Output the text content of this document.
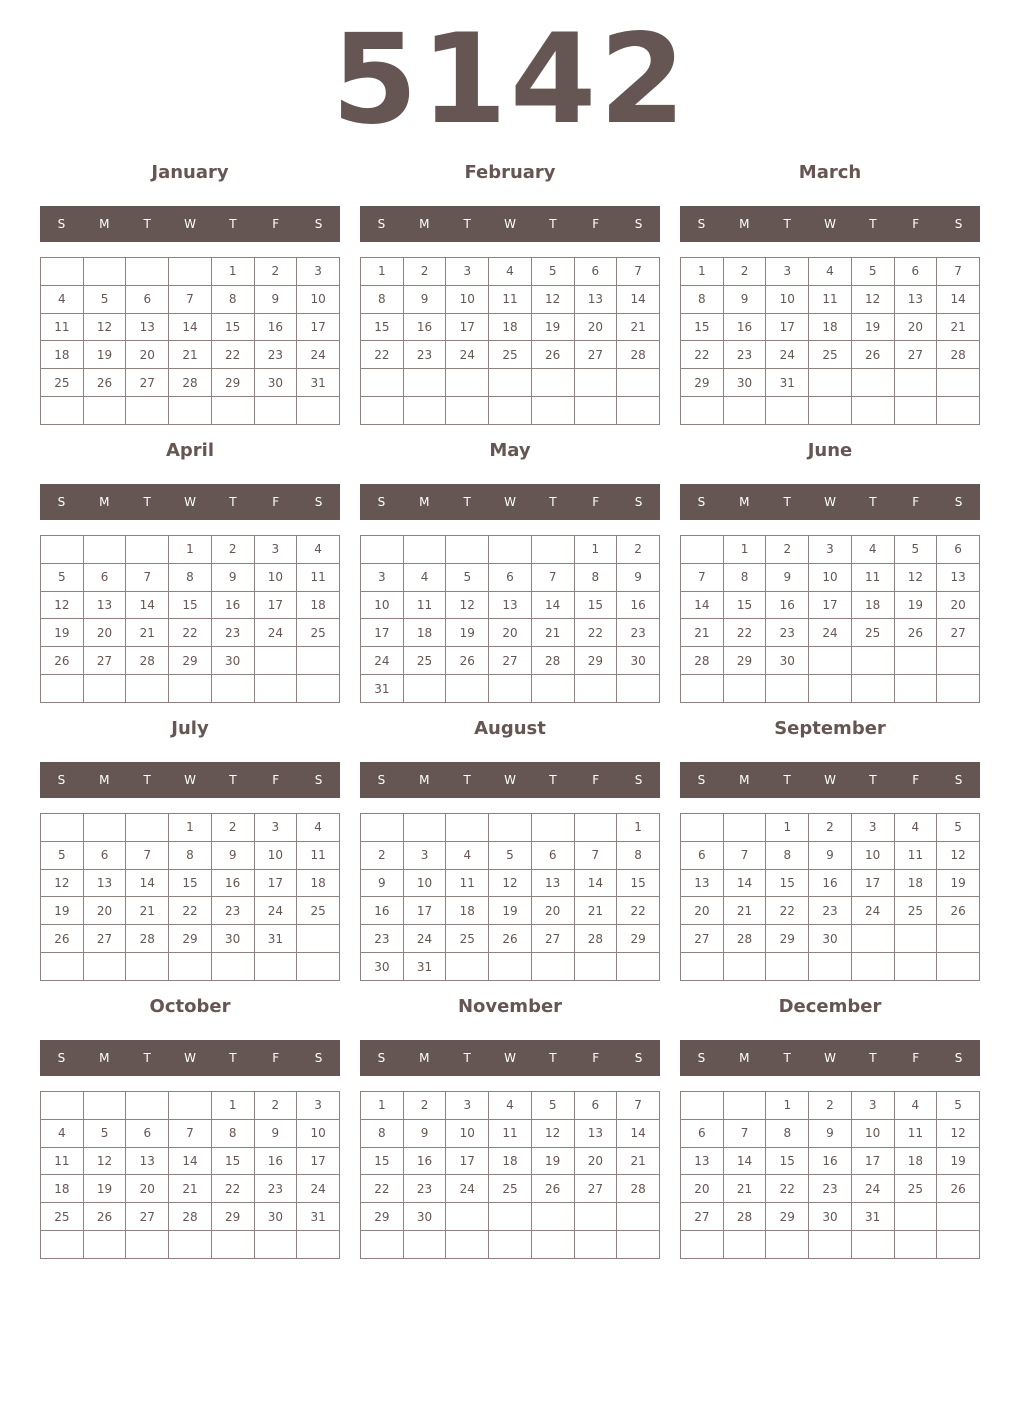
5142
January
S	M	T	W	T	F	S
				1	2	3
4	5	6	7	8	9	10
11	12	13	14	15	16	17
18	19	20	21	22	23	24
25	26	27	28	29	30	31

February
S	M	T	W	T	F	S
1	2	3	4	5	6	7
8	9	10	11	12	13	14
15	16	17	18	19	20	21
22	23	24	25	26	27	28

March
S	M	T	W	T	F	S
1	2	3	4	5	6	7
8	9	10	11	12	13	14
15	16	17	18	19	20	21
22	23	24	25	26	27	28
29	30	31				

April
S	M	T	W	T	F	S
			1	2	3	4
5	6	7	8	9	10	11
12	13	14	15	16	17	18
19	20	21	22	23	24	25
26	27	28	29	30		

May
S	M	T	W	T	F	S
					1	2
3	4	5	6	7	8	9
10	11	12	13	14	15	16
17	18	19	20	21	22	23
24	25	26	27	28	29	30
31						
June
S	M	T	W	T	F	S
	1	2	3	4	5	6
7	8	9	10	11	12	13
14	15	16	17	18	19	20
21	22	23	24	25	26	27
28	29	30				

July
S	M	T	W	T	F	S
			1	2	3	4
5	6	7	8	9	10	11
12	13	14	15	16	17	18
19	20	21	22	23	24	25
26	27	28	29	30	31	

August
S	M	T	W	T	F	S
						1
2	3	4	5	6	7	8
9	10	11	12	13	14	15
16	17	18	19	20	21	22
23	24	25	26	27	28	29
30	31					
September
S	M	T	W	T	F	S
		1	2	3	4	5
6	7	8	9	10	11	12
13	14	15	16	17	18	19
20	21	22	23	24	25	26
27	28	29	30			

October
S	M	T	W	T	F	S
				1	2	3
4	5	6	7	8	9	10
11	12	13	14	15	16	17
18	19	20	21	22	23	24
25	26	27	28	29	30	31

November
S	M	T	W	T	F	S
1	2	3	4	5	6	7
8	9	10	11	12	13	14
15	16	17	18	19	20	21
22	23	24	25	26	27	28
29	30					

December
S	M	T	W	T	F	S
		1	2	3	4	5
6	7	8	9	10	11	12
13	14	15	16	17	18	19
20	21	22	23	24	25	26
27	28	29	30	31		
